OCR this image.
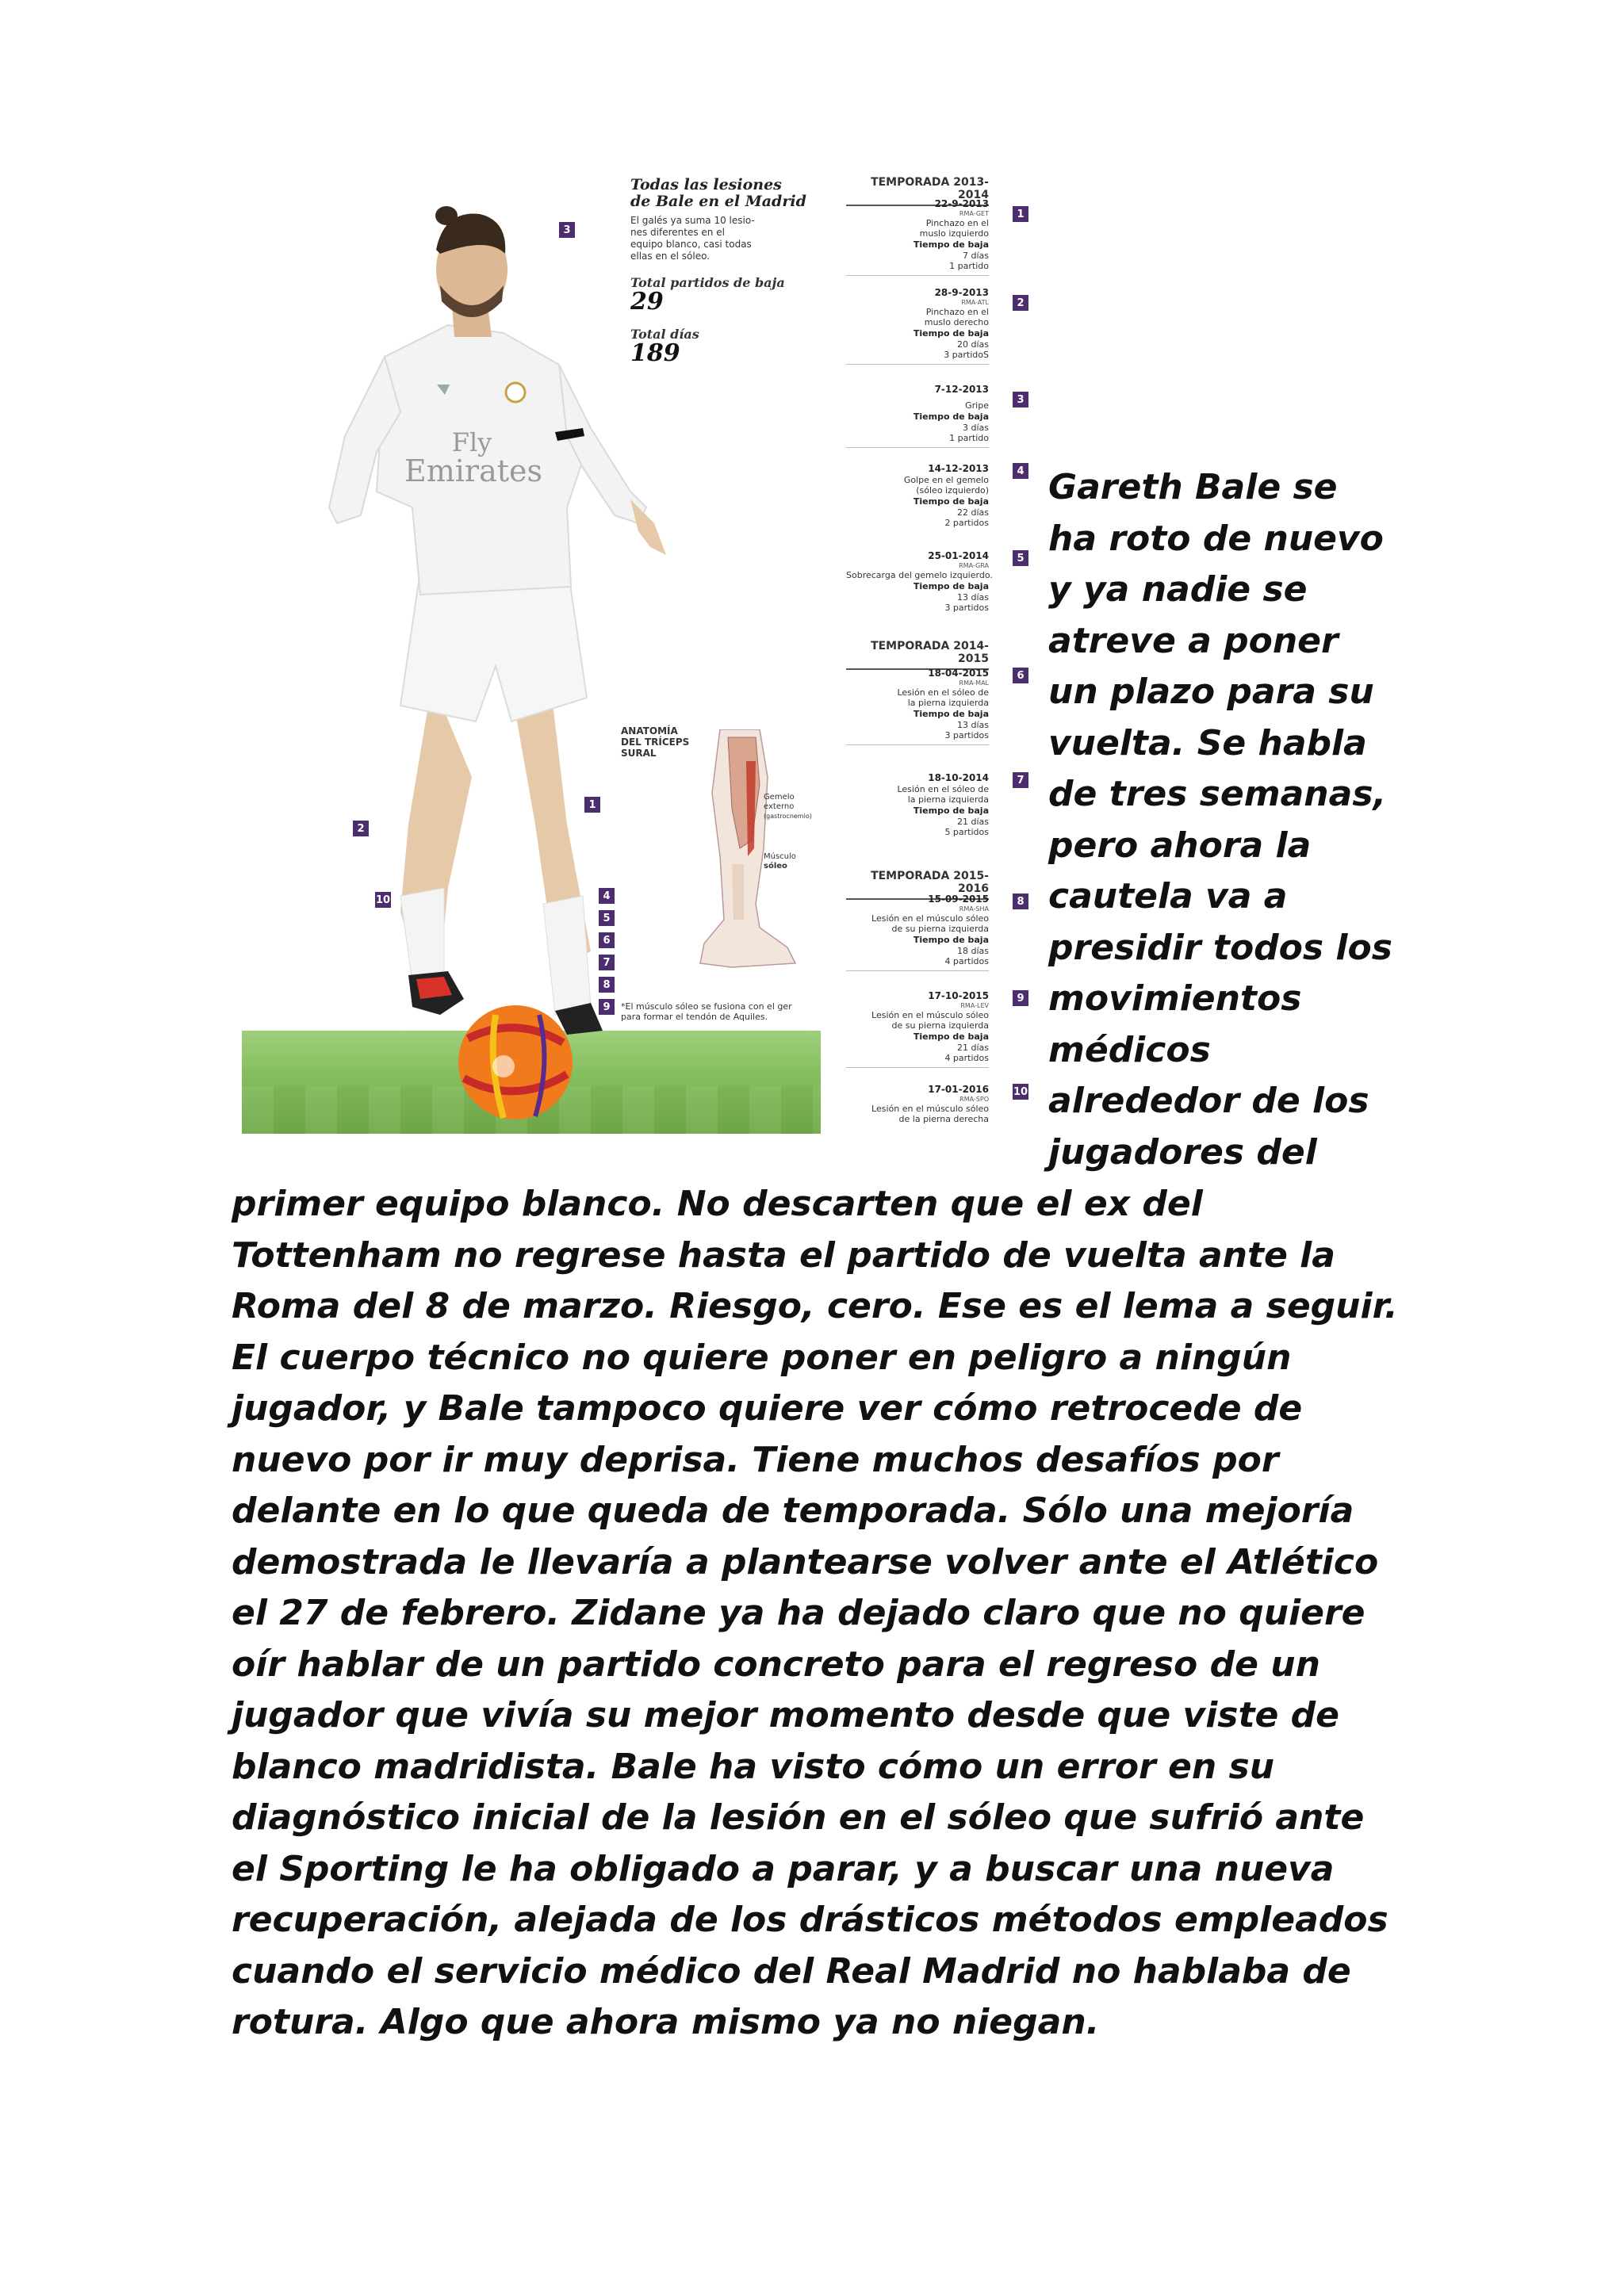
Fly
Emirates
3
1
2
10	4
5
6
7
8
9
Todas las lesiones
de Bale en el Madrid
El galés ya suma 10 lesio-
nes diferentes en el
equipo blanco, casi todas
ellas en el sóleo.
Total partidos de baja
29
Total días
189
ANATOMÍA
DEL TRÍCEPS
SURAL
Gemelo
externo
(gastrocnemio)
Músculo
sóleo
*El músculo sóleo se fusiona con el ger
para formar el tendón de Aquiles.
TEMPORADA 2013-2014
TEMPORADA 2014-2015
TEMPORADA 2015-2016
22-9-2013
RMA-GET
Pinchazo en el
muslo izquierdo
Tiempo de baja
7 días
1 partido
1
28-9-2013
RMA-ATL
Pinchazo en el
muslo derecho
Tiempo de baja
20 días
3 partidoS
2
7-12-2013
Gripe
Tiempo de baja
3 días
1 partido
3
14-12-2013
Golpe en el gemelo
(sóleo izquierdo)
Tiempo de baja
22 días
2 partidos
4
25-01-2014
RMA-GRA
Sobrecarga del gemelo izquierdo.
Tiempo de baja
13 días
3 partidos
5
18-04-2015
RMA-MAL
Lesión en el sóleo de
la pierna izquierda
Tiempo de baja
13 días
3 partidos
6
18-10-2014
Lesión en el sóleo de
la pierna izquierda
Tiempo de baja
21 días
5 partidos
7
15-09-2015
RMA-SHA
Lesión en el músculo sóleo
de su pierna izquierda
Tiempo de baja
18 días
4 partidos
8
17-10-2015
RMA-LEV
Lesión en el músculo sóleo
de su pierna izquierda
Tiempo de baja
21 días
4 partidos
9
17-01-2016
RMA-SPO
Lesión en el músculo sóleo
de la pierna derecha
10
Gareth Bale se
ha roto de nuevo
y ya nadie se
atreve a poner
un plazo para su
vuelta. Se habla
de tres semanas,
pero ahora la
cautela va a
presidir todos los
movimientos
médicos
alrededor de los
jugadores del
primer equipo blanco. No descarten que el ex del
Tottenham no regrese hasta el partido de vuelta ante la
Roma del 8 de marzo. Riesgo, cero. Ese es el lema a seguir.
El cuerpo técnico no quiere poner en peligro a ningún
jugador, y Bale tampoco quiere ver cómo retrocede de
nuevo por ir muy deprisa. Tiene muchos desafíos por
delante en lo que queda de temporada. Sólo una mejoría
demostrada le llevaría a plantearse volver ante el Atlético
el 27 de febrero. Zidane ya ha dejado claro que no quiere
oír hablar de un partido concreto para el regreso de un
jugador que vivía su mejor momento desde que viste de
blanco madridista. Bale ha visto cómo un error en su
diagnóstico inicial de la lesión en el sóleo que sufrió ante
el Sporting le ha obligado a parar, y a buscar una nueva
recuperación, alejada de los drásticos métodos empleados
cuando el servicio médico del Real Madrid no hablaba de
rotura. Algo que ahora mismo ya no niegan.
